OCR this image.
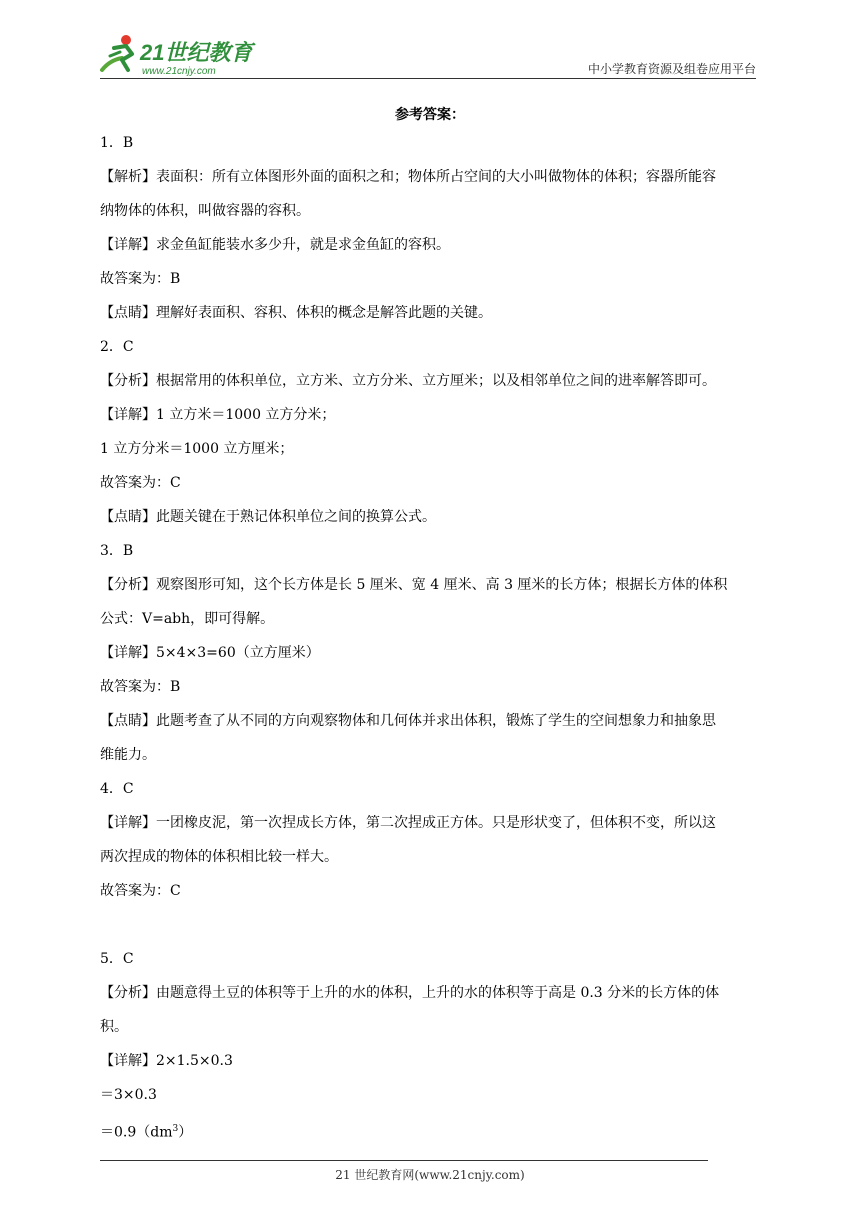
21世纪教育
www.21cnjy.com	中小学教育资源及组卷应用平台
参考答案：
1．B
【解析】表面积：所有立体图形外面的面积之和；物体所占空间的大小叫做物体的体积；容器所能容
纳物体的体积，叫做容器的容积。
【详解】求金鱼缸能装水多少升，就是求金鱼缸的容积。
故答案为：B
【点睛】理解好表面积、容积、体积的概念是解答此题的关键。
2．C
【分析】根据常用的体积单位，立方米、立方分米、立方厘米；以及相邻单位之间的进率解答即可。
【详解】1 立方米＝1000 立方分米；
1 立方分米＝1000 立方厘米；
故答案为：C
【点睛】此题关键在于熟记体积单位之间的换算公式。
3．B
【分析】观察图形可知，这个长方体是长 5 厘米、宽 4 厘米、高 3 厘米的长方体；根据长方体的体积
公式：V=abh，即可得解。
【详解】5×4×3=60（立方厘米）
故答案为：B
【点睛】此题考查了从不同的方向观察物体和几何体并求出体积，锻炼了学生的空间想象力和抽象思
维能力。
4．C
【详解】一团橡皮泥，第一次捏成长方体，第二次捏成正方体。只是形状变了，但体积不变，所以这
两次捏成的物体的体积相比较一样大。
故答案为：C
5．C
【分析】由题意得土豆的体积等于上升的水的体积，上升的水的体积等于高是 0.3 分米的长方体的体
积。
【详解】2×1.5×0.3
＝3×0.3
$=0.9(dm^3)$
21 世纪教育网(www.21cnjy.com)
